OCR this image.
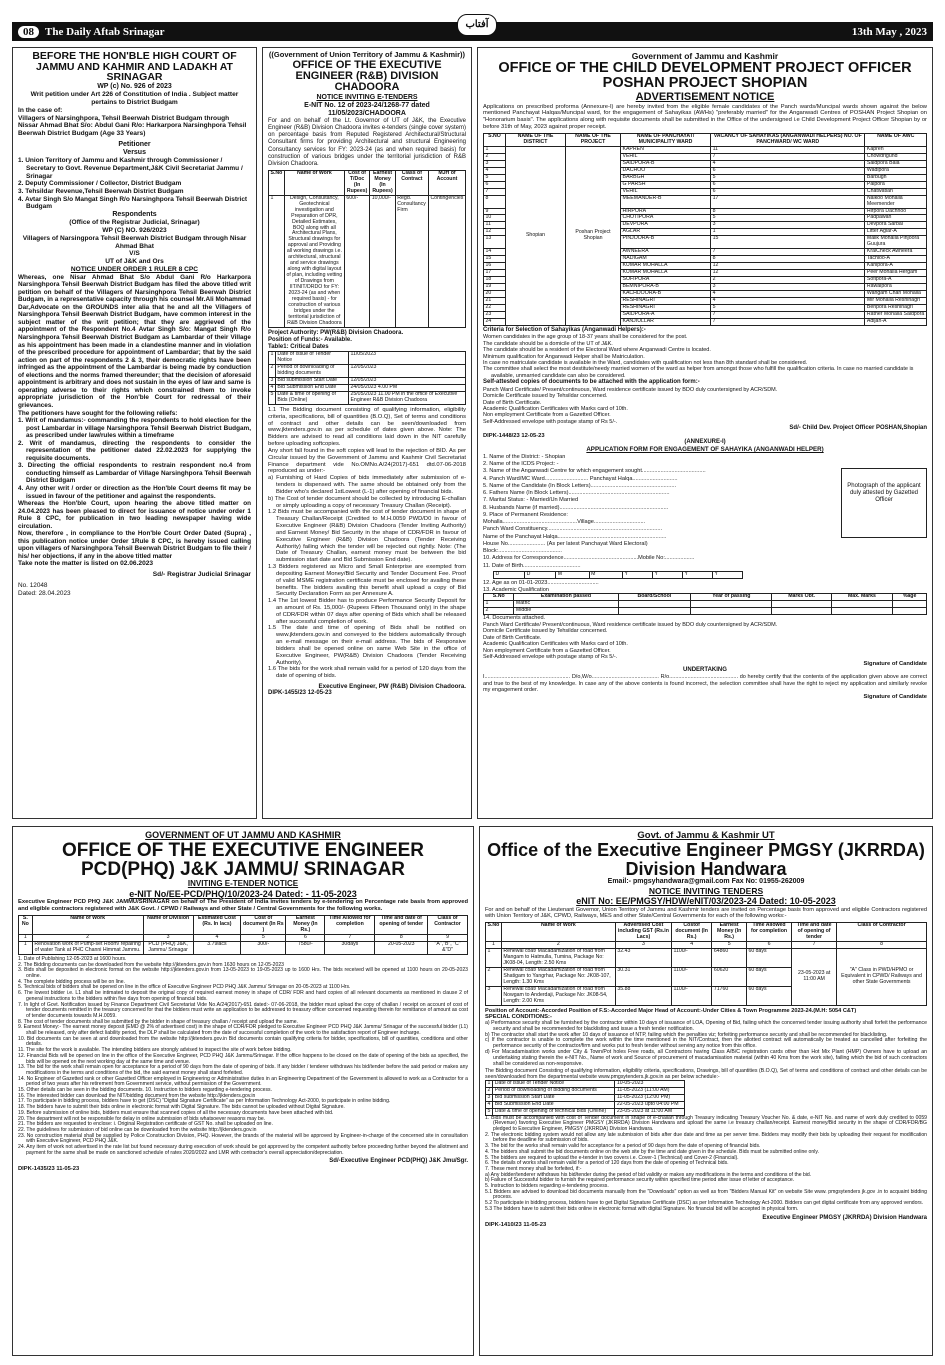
08 The Daily Aftab Srinagar
آفتاب
13th May , 2023
BEFORE THE HON'BLE HIGH COURT OF JAMMU AND KAHMIR AND LADAKH AT SRINAGAR
WP (c) No. 926 of 2023
Writ petition under Art 226 of Constitution of India . Subject matter pertains to District Budgam
In the case of:
Villagers of Narsinghpora, Tehsil Beerwah District Budgam through Nissar Ahmad Bhat S/o: Abdul Gani R/o: Harkarpora Narsinghpora Tehsil Beerwah District Budgam (Age 33 Years)
Petitioner
Versus
1. Union Territory of Jammu and Kashmir through Commissioner / Secretary to Govt. Revenue Department,J&K Civil Secretariat Jammu / Srinagar
2. Deputy Commissioner / Collector, District Budgam
3. Tehsildar Revenue,Tehsil Beerwah District Budgam
4. Avtar Singh S/o Mangat Singh R/o Narsinghpora Tehsil Beerwah District Budgam
Respondents
(Office of the Registrar Judicial, Srinagar)
WP (C) NO. 926/2023
Villagers of Narsingpora Tehsil Beerwah District Budgam through Nisar Ahmad Bhat
V/S
UT of J&K and Ors
NOTICE UNDER ORDER 1 RULER 8 CPC
Whereas, one Nisar Ahmad Bhat S/o Abdul Gani R/o Harkarpora Narsinghpora Tehsil Beerwah District Budgam has filed the above titled writ petition on behalf of the Villagers of Narsinghpora Tehsil Beerwah District Budgam, in a representative capacity through his counsel Mr.Ali Mohammad Dar,Advocate on the GROUNDS inter alia that he and all the Villagers of Narsinghpora Tehsil Beerwah District Budgam, have common interest in the subject matter of the writ petition; that they are aggrieved of the appointment of the Respondent No.4 Avtar Singh S/o: Mangat Singh R/o Narsinghpora Tehsil Beerwah District Budgam as Lambardar of their Village as his appointment has been made in a clandestine manner and in violation of the prescribed procedure for appointment of Lambardar; that by the said action on part of the respondents 2 & 3, their democratic rights have been infringed as the appointment of the Lambardar is being made by conduction of elections and the norms framed thereunder; that the decision of aforesaid appointment is arbitrary and does not sustain in the eyes of law and same is operating adverse to their rights which constrained them to invoke appropriate jurisdiction of the Hon'ble Court for redressal of their grievances.
The petitioners have sought for the following reliefs:
1. Writ of mandamus:- commanding the respondents to hold election for the post Lambardar in village Narsinghpora Tehsil Beerwah District Budgam, as prescribed under law/rules within a timeframe
2. Writ of mandamus, directing the respondents to consider the representation of the petitioner dated 22.02.2023 for supplying the requisite documents.
3. Directing the official respondents to restrain respondent no.4 from conducting himself as Lambardar of Village Narsinghpora Tehsil Beerwah District Budgam
4. Any other writ / order or direction as the Hon'ble Court deems fit may be issued in favour of the petitioner and against the respondents.
Whereas the Hon'ble Court, upon hearing the above titled matter on 24.04.2023 has been pleased to direct for issuance of notice under order 1 Rule 8 CPC, for publication in two leading newspaper having wide circulation.
Now, therefore , in compliance to the Hon'ble Court Order Dated (Supra) , this publication notice under Order 1Rule 8 CPC, is hereby issued calling upon villagers of Narsinghpora Tehsil Beerwah District Budgam to file their / his/ her objections, if any in the above titled matter
Take note the matter is listed on 02.06.2023
Sd/- Registrar Judicial Srinagar
No. 12048
Dated: 28.04.2023
((Government of Union Territory of Jammu & Kashmir))
OFFICE OF THE EXECUTIVE ENGINEER (R&B) DIVISION CHADOORA
NOTICE INVITING E-TENDERS
E-NIT No. 12 of 2023-24/1268-77 dated 11/05/2023/CHADOORA
For and on behalf of the Lt. Governor of UT of J&K, the Executive Engineer (R&B) Division Chadoora invites e-tenders (single cover system) on percentage basis from Reputed Registered Architectural/Structural Consultant firms for providing Architectural and structural Engineering Consultancy services for FY: 2023-24 (as and when required basis) for construction of various bridges under the territorial jurisdiction of R&B Division Chadoora.
S.No	Name of Work	Cost of T/Doc (In Rupees)	Earnest Money (In Rupees)	Class of Contract	MJH of Account
1	Design, Consultancy, Geotechnical investigation and Preparation of DPR, Detailed Estimates, BOQ along with all Architectural Plans, Structural drawings for approval and Providing all working drawings i.e. architectural, structural and service drawings along with digital layout of plan, including vetting of Drawings from IIT/NIT/DRDO for FY: 2023-24 (as and when required basis) - for construction of various bridges under the territorial jurisdiction of R&B Division Chadoora	600/-	10,000/-	Regd. Consultancy Firm	Contingencies
Project Authority: PW(R&B) Division Chadoora.
Position of Funds:- Available.
Table1: Critical Dates
1	Date of Issue of Tender Notice	11/05/2023
2	Period of downloading of bidding documents	12/05/2023
3	Bid submission Start Date	12/05/2023
4	Bid Submission End Date	24/05/2023 4.00 PM
5	Date & time of opening of Bids (Online)	25/05/2023 11.00 PM in the office of Executive Engineer R&B Division Chadoora
1.1 The Bidding document consisting of qualifying information, eligibility criteria, specifications, bill of quantities (B.O.Q), Set of terms and conditions of contract and other details can be seen/downloaded from www.jktenders.gov.in as per schedule of dates given above. Note: The Bidders are advised to read all conditions laid down in the NIT carefully before uploading softcopies.
Any short fall found in the soft copies will lead to the rejection of BID. As per Circular issued by the Government of Jammu and Kashmir Civil Secretariat Finance department vide No.OMNo.A/24(2017)-651 dtd.07-06-2018 reproduced as under:-
a) Furnishing of Hard Copies of bids immediately after submission of e-tenders is dispensed with. The same should be obtained only from the Bidder who's declared 1stLowest (L-1) after opening of financial bids.
b) The Cost of tender document should be collected by introducing E-challan or simply uploading a copy of necessary Treasury Challan (Receipt).
1.2 Bids must be accompanied with the cost of tender document in shape of Treasury Challan/Receipt (Credited to M.H.0059 PWD/D0 in favour of Executive Engineer (R&B) Division Chadoora (Tender Inviting Authority) and Earnest Money/ Bid Security in the shape of CDR/FDR in favour of Executive Engineer (R&B) Division Chadoora (Tender Receiving Authority) failing which the tender will be rejected out rightly. Note: (The Date of Treasury Challan, earnest money must be between the bid submission start date and Bid Submission End date).
1.3 Bidders registered as Micro and Small Enterprise are exempted from depositing Earnest Money/Bid Security and Tender Document Fee. Proof of valid MSME registration certificate must be enclosed for availing these benefits. The bidders availing this benefit shall upload a copy of Bid Security Declaration Form as per Annexure A.
1.4 The 1st lowest Bidder has to produce Performance Security Deposit for an amount of Rs. 15,000/- (Rupees Fifteen Thousand only) in the shape of CDR/FDR within 07 days after opening of Bids which shall be released after successful completion of work.
1.5 The date and time of opening of Bids shall be notified on www.jktenders.gov.in and conveyed to the bidders automatically through an e-mail message on their e-mail address. The bids of Responsive bidders shall be opened online on same Web Site in the office of Executive Engineer, PW(R&B) Division Chadoora (Tender Receiving Authority).
1.6 The bids for the work shall remain valid for a period of 120 days from the date of opening of bids.
Executive Engineer, PW (R&B) Division Chadoora.
DIPK-1455/23 12-05-23
Government of Jammu and Kashmir
OFFICE OF THE CHILD DEVELOPMENT PROJECT OFFICER POSHAN PROJECT SHOPIAN
ADVERTISEMENT NOTICE
Applications on prescribed proforma (Annexure-I) are hereby invited from the eligible female candidates of the Panch wards/Muncipal wards shown against the below mentioned Panchayat Halqas/Muncipal ward, for the engagement of Sahayikas (AWHs) "preferably married" for the Anganwadi Centres of POSHAN Project Shopian on "Honorarium basis". The applications along with requisite documents shall be submitted in the Office of the undersigned i.e Child Development Project Officer Shopian by or before 31th of May, 2023 against proper receipt.
S.NO	NAME OF THE DISTRICT	NAME OF THE PROJECT	NAME OF PANCHAYAT/ MUNICIPALITY WARD	VACANCY OF SAHAYIKAS (ANGANWADI HELPERS) NO. OF PANCHWARD/ WC WARD	NAME OF AWC
1	Shopian	Poshan Project Shopian	KAPREN	11	Kapren
2			VEHIL	7	Chowdrigund
3			SAIDPORA-B	4	Saidpora Bala
4			DACHOO	6	Wadipora
5			BARBGH	5	Barbugh
6			G PARSH	6	Palpora
7			VEHIL	6	Chatwatlan
8			MEEMANDER-B	17	Naikoo Mohalla Meemender
9			HIRPORA	8	Hirpora Dachnoo
10			CHOTIPORA	5	Padpawan
11			DEVPORA	3	Devpora Sarbal
12			AGLAR	1	Litter Aglar-A
13			PINJOORA-B	15	Malik Mohalla Pinjoora Guujura
14			AWNEERA	7	KralCheck Awneera
15			NADIGAM	8	Tachloo-A
16			KUMAR MOHALLA	12	Kanipora-A
17			KUMAR MOHALLA	12	Peer Mohalla Hergam
18			SOFIPORA	2	Sofipora-A
19			BEMNIPORA-B	3	Rawalpora
20			KACHDOORA-B	4	Wangam Chan Mohalla
21			RESHINAGRI	4	Mir Mohalla Reshinagri
22			RESHINAGRI	5	Benpora Reshinagri
23			SAIDPORA-A	7	Rather Mohalla Saidpora
24			KANJIULLAR	7	Adijan-A
Criteria for Selection of Sahayikas (Anganwadi Helpers):-
Women candidates in the age group of 18-37 years shall be considered for the post.
The candidate should be a domicile of the UT of J&K.
The candidate should be a resident of the Electoral Ward where Anganwadi Centre is located.
Minimum qualification for Anganwadi Helper shall be Matriculation.
In case no matriculate candidate is available in the Ward, candidates with qualification not less than 8th standard shall be considered.
The committee shall select the most destitute/needy married women of the ward as helper from amongst those who fulfill the qualification criteria. In case no married candidate is available, unmarried candidate can also be considered.
Self-attested copies of documents to be attached with the application form:-
Panch Ward Certificate/ Present/continuous, Ward residence certificate issued by BDO duly countersigned by ACR/SDM.
Domicile Certificate issued by Tehsildar concerned.
Date of Birth Certificate.
Academic Qualification Certificates with Marks card of 10th.
Non employment Certificate from a Gazetted Officer.
Self-Addressed envelope with postage stamp of Rs 5/-.
Sd/- Child Dev. Project Officer POSHAN,Shopian
DIPK-1448/23 12-05-23
(ANNEXURE-I)
APPLICATION FORM FOR ENGAGEMENT OF SAHAYIKA (ANGANWADI HELPER)
1. Name of the District: - Shopian
2. Name of the ICDS Project: -
3. Name of the Anganwadi Centre for which engagement sought.........................................
4. Panch Ward/MC Ward............................ Panchayat Halqa.............................
5. Name of the Candidate (In Block Letters).......................................................
6. Fathers Name (In Block Letters).................................................................
7. Marital Status: - Married/Un Married
8. Husbands Name (if married)......................................................................
9. Place of Permanent Residence:
Mohalla................................................Village.................................
Panch Ward Constituency..........................................................................
Name of the Panchayat Halqa......................................................................
House No........................ (As per latest Panchayat Ward Electoral)
Block:.........................................
10. Address for Correspondence................................................Mobile No:...................
11. Date of Birth.....................................
Photograph of the applicant duly attested by Gazetted Officer
D	D	M	M	Y	Y	Y	Y
12. Age as on 01-01-2023.................................
13. Academic Qualification
S.No	Examination passed	Board/School	Year of passing	Marks Obt.	Max. Marks	%age
1	Matric					
2	Middle					
14. Documents attached.
Panch Ward Certificate/ Present/continuous, Ward residence certificate issued by BDO duly countersigned by ACR/SDM.
Domicile Certificate issued by Tehsildar concerned.
Date of Birth Certificate.
Academic Qualification Certificates with Marks card of 10th.
Non employment Certificate from a Gazetted Officer.
Self-Addressed envelope with postage stamp of Rs 5/-.
Signature of Candidate
UNDERTAKING
I........................................................ D/o,W/o............................................ R/o............................................. do hereby certify that the contents of the application given above are correct and true to the best of my knowledge. In case any of the above contents is found incorrect, the selection committee shall have the right to reject my application and similarly revoke my engagement order.
Signature of Candidate
GOVERNMENT OF UT JAMMU AND KASHMIR
OFFICE OF THE EXECUTIVE ENGINEER PCD(PHQ) J&K JAMMU/ SRINAGAR
INVITING E-TENDER NOTICE
e-NIT No/EE-PCD/PHQ/10/2023-24 Dated: - 11-05-2023
Executive Engineer PCD PHQ J&K JAMMU/SRINAGAR on behalf of The President of India invites tenders by e-tendering on Percentage rate basis from approved and eligible contractors registered with J&K Govt. / CPWD / Railways and other State / Central Governments for the following works.
S. No	Name of Work	Name of Division	Estimated Cost (Rs. In lacs)	Cost of document (In Rs )	Earnest Money (In Rs.)	Time Allowed for completion	Time and date of opening of tender	Class of Contractor
1	2	3	4	5	6	7	8	9
1	Renovation work of Pump-set Room/ repairing of water Tank at PHC Channi Himmat Jammu.	PCD (PHQ) J&K, Jammu/ Srinagar	3.79lacs	300/-	7580/-	30days	20-05-2023	"A","B", "C" &"D"
1. Date of Publishing 12-05-2023 at 1600 hours.
2. The Bidding documents can be downloaded from the website http://jktenders.gov.in from 1630 hours on 12-05-2023
3. Bids shall be deposited in electronic format on the website http://jktenders.gov.in from 13-05-2023 to 19-05-2023 up to 1600 Hrs. The bids received will be opened at 1100 hours on 20-05-2023 online.
4. The complete bidding process will be on line.
5. Technical bids of bidders shall be opened on line in the office of Executive Engineer PCD PHQ J&K Jammu/ Srinagar on 20-05-2023 at 1100 Hrs.
6. The lowest bidder i.e. L1 shall be intimated to deposit the original copy of required earnest money in shape of CDR/ FDR and hard copies of all relevant documents as mentioned in clause 2 of general instructions to the bidders within five days from opening of financial bids.
7. In light of Govt. Notification issued by Finance Department Civil Secretariat Vide No.A/24(2017)-651 dated:- 07-06-2018, the bidder must upload the copy of challan / receipt on account of cost of tender documents remitted in the treasury concerned for that the bidders must write an application to be addressed to treasury officer concerned requesting therein for remittance of amount as cost of tender documents towards M.H.0059.
8. The cost of tender documents shall be submitted by the bidder in shape of treasury challan / receipt and upload the same.
9. Earnest Money:- The earnest money deposit (EMD @ 2% of advertised cost) in the shape of CDR/FDR pledged to Executive Engineer PCD PHQ J&K Jammu/ Srinagar of the successful bidder (L1) shall be released, only after defect liability period, the DLP shall be calculated from the date of successful completion of the work to the satisfaction report of Engineer incharge.
10. Bid documents can be seen at and downloaded from the website http://jktenders.gov.in Bid documents contain qualifying criteria for bidder, specifications, bill of quantities, conditions and other details.
11. The site for the work is available. The intending bidders are strongly advised to inspect the site of work before bidding.
12. Financial Bids will be opened on line in the office of the Executive Engineer, PCD PHQ J&K Jammu/Srinagar. If the office happens to be closed on the date of opening of the bids as specified, the bids will be opened on the next working day at the same time and venue.
13. The bid for the work shall remain open for acceptance for a period of 90 days from the date of opening of bids. If any bidder / tenderer withdraws his bid/tender before the said period or makes any modifications in the terms and conditions of the bid, the said earnest money shall stand forfeited.
14. No Engineer of Gazetted rank or other Gazetted Officer employed in Engineering or Administrative duties in an Engineering Department of the Government is allowed to work as a Contractor for a period of two years after his retirement from Government service, without permission of the Government.
15. Other details can be seen in the bidding documents. 10. Instruction to bidders regarding e-tendering process.
16. The interested bidder can download the NIT/bidding document from the website http://jktenders.gov.in
17. To participate in bidding process, bidders have to get (DSC) "Digital Signature Certificate" as per Information Technology Act-2000, to participate in online bidding.
18. The bidders have to submit their bids online in electronic format with Digital Signature. The bids cannot be uploaded without Digital Signature.
19. Before submission of online bids, bidders must ensure that scanned copies of all the necessary documents have been attached with bid.
20. The department will not be responsible for delay in online submission of bids whatsoever reasons may be.
21. The bidders are requested to enclose: i. Original Registration certificate of GST No. shall be uploaded on line.
22. The guidelines for submission of bid online can be downloaded from the website http://jktenders.gov.in
23. No construction material shall be supplied by Police Construction Division, PHQ. However, the brands of the material will be approved by Engineer-in-charge of the concerned site in consultation with Executive Engineer, PCD PHQ J&K.
24. Any item of work not advertised in the rate list but found necessary during execution of work should be got approved by the competent authority before proceeding further beyond the allotment and payment for the same shall be made on sanctioned schedule of rates 2020/2022 and LMR with contractor's overall appreciation/depreciation.
Sd/-Executive Engineer PCD(PHQ) J&K Jmu/Sgr.
DIPK-1435/23 11-05-23
Govt. of Jammu & Kashmir UT
Office of the Executive Engineer PMGSY (JKRRDA) Division Handwara
Email:- pmgsyhandwara@gmail.com Fax No: 01955-262009
NOTICE INVITING TENDERS
eNIT No: EE/PMGSY/HDW/eNIT/03/2023-24 Dated: 10-05-2023
For and on behalf of the Lieutenant Governor, Union Territory of Jammu and Kashmir tenders are invited on Percentage basis from approved and eligible Contractors registered with Union Territory of J&K, CPWD, Railways, MES and other State/Central Governments for each of the following works:-
S.No	Name of Work	Advertised Cost including GST (Rs.in Lacs)	Costof document (In Rs.)	Earnest Money (In Rs.)	Time Allowed for completion	Time and date of opening of tender	Class of Contractor
1	2	3	4	5	6	7	8
1	Renewal coat/ Macadamization of road from Mangam to Hatmulla, Tumina, Package No: JK08-04, Length: 2.50 Kms	32.43	1100/-	64860	60 days	23-05-2023 at 11:00 AM	"A" Class in PWD/HPMO or Equivalent in CPWD/ Railways and other State Governments
2	Renewal coat/ Macadamization of road from Shatigam to Yangrhar, Package No: JK08-107, Length: 1.30 Kms	30.31	1100/-	60620	60 days		
3	Renewal coat/ Macadamization of road from Nowgam to Anderdaji, Package No: JK08-54, Length: 2.00 Kms	35.88	1100/-	71760	60 days		
Position of Account:-Accorded Position of F.S:-Accorded Major Head of Account:-Under Cities & Town Programme 2023-24.(M.H: 5054 C&T)
SPECIAL CONDITIONS:-
a) Performance security shall be furnished by the contractor within 10 days of issuance of LOA, Opening of Bid, failing which the concerned tender issuing authority shall forfeit the performance security and shall be recommended for blacklisting and issue a fresh tender notification.
b) The contractor shall start the work after 10 days of issuance of NTP, failing which the penalties viz; forfeiting performance security and shall be recommended for blacklisting.
c) If the contractor is unable to complete the work within the time mentioned in the NIT/Contract, then the allotted contract will automatically be treated as cancelled after forfeiting the performance security of the contractor/firm and works put to fresh tender without serving any notice from this office.
d) For Macadamisation works under City & Town/Pot holes Free roads, all Contractors having Class A/B/C registration cards other than Hot Mix Plant (HMP) Owners have to upload an undertaking stating therein the e-NIT No., Name of work and Source of procurement of macadamisation material (within 40 Kms from the work site), failing which the bid of such contractors shall be considered as non-responsive.
The Bidding document Consisting of qualifying information, eligibility criteria, specifications, Drawings, bill of quantities (B.O.Q), Set of terms and conditions of contract and other details can be seen/downloaded from the departmental website www.pmgsytenders.jk.gov.in as per below schedule:-
1	Date of issue of Tender Notice	10-05-2023
2	Period of downloading of bidding documents	11-05-2023 (11:00 AM)
3	Bid submission Start Date	11-05-2023 (12:00 PM)
4	Bid Submission End Date	22-05-2023 upto 04:00 PM
5	Date & time of opening of technical bids (Online)	23-05-2023 at 11:00 AM
1. Bids must be accompanied with cost of Tender document in shape of e-challan through Treasury indicating Treasury Voucher No. & date, e-NIT No. and name of work duly credited to 0059 (Revenue) favoring Executive Engineer PMGSY (JKRRDA) Division Handwara and upload the same i.e treasury challan/receipt. Earnest money/Bid security in the shape of CDR/FDR/BG pledged to Executive Engineer, PMGSY (JKRRDA) Division Handwara.
2. The electronic bidding system would not allow any late submission of bids after due date and time as per server time. Bidders may modify their bids by uploading their request for modification before the deadline for submission of bids.
3. The bid for the works shall remain valid for acceptance for a period of 90 days from the date of opening of financial bids.
4. The bidders shall submit the bid documents online on the web site by the time and date given in the schedule. Bids must be submitted online only.
5. The bidders are required to upload the e-tender in two covers i.e. Cover-1 (Technical) and Cover-2 (Financial).
6. The details of works shall remain valid for a period of 120 days from the date of opening of Technical bids.
7. These ment money shall be forfeited, if:-
a) Any bidder/tenderer withdraws his bid/tender during the period of bid validity or makes any modifications in the terms and conditions of the bid.
b) Failure of Successful bidder to furnish the required performance security within specified time period after issue of letter of acceptance.
5. Instruction to bidders regarding e-tendering process.
5.1 Bidders are advised to download bid documents manually from the "Downloads" option as well as from "Bidders Manual Kit" on website Site www. pmgsytenders jk.gov .in to acquaint bidding process.
5.2 To participate in bidding process, bidders have to get Digital Signature Certificate (DSC) as per Information Technology Act-2000. Bidders can get digital certificate from any approved vendors.
5.3 The bidders have to submit their bids online in electronic format with digital Signature. No financial bid will be accepted in physical form.
Executive Engineer PMGSY (JKRRDA) Division Handwara
DIPK-1410/23 11-05-23
